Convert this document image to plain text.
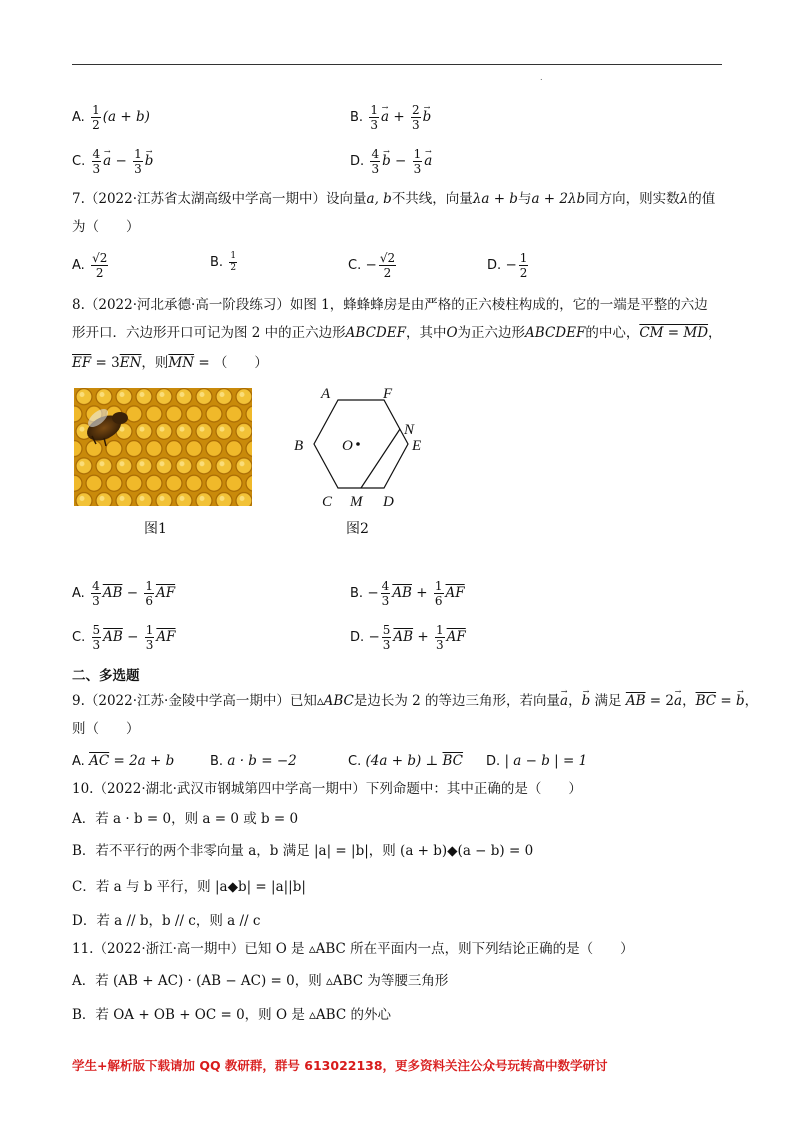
.
A. $\frac{1}{2} (a + b)$	B. $\frac{1}{3}$ a → + $\frac{2}{3}$ b →
C. $\frac{4}{3}$ a → − $\frac{1}{3}$ b →	D. $\frac{4}{3}$ b → − $\frac{1}{3}$ a →
7.（2022·江苏省太湖高级中学高一期中）设向量a, b不共线，向量λa + b与a + 2λb同方向，则实数λ的值
为（　　）
A. $\frac{√2}{2}$	B. $\frac{1}{2}$	C. − $\frac{√2}{2}$	D. − $\frac{1}{2}$
8.（2022·河北承德·高一阶段练习）如图 1，蜂蜂蜂房是由严格的正六棱柱构成的，它的一端是平整的六边
形开口．六边形开口可记为图 2 中的正六边形ABCDEF，其中O为正六边形ABCDEF的中心，CM = MD，
$\overline{EF} = 3\overline{EN}$，则$\overline{MN}$ = （　　）
图1
A	F
B	O
N
E
C M D
图2
A. $\frac{4}{3} \overline{AB} - \frac{1}{6} \overline{AF}$	B. − $\frac{4}{3} \overline{AB} + \frac{1}{6} \overline{AF}$
C. $\frac{5}{3} \overline{AB} - \frac{1}{3} \overline{AF}$	D. − $\frac{5}{3} \overline{AB} + \frac{1}{3} \overline{AF}$
二、多选题
9.（2022·江苏·金陵中学高一期中）已知▵ABC是边长为 2 的等边三角形，若向量a →，b → 满足 $\overline{AB} = 2a$ →，$\overline{BC} = b$ →，
则（　　）
A. $\overline{AC} = 2a + b$	B. a · b = −2	C. (4a + b) ⊥ $\overline{BC}$ D. | a − b | = 1
10.（2022·湖北·武汉市钢城第四中学高一期中）下列命题中：其中正确的是（　　）
A．若 a · b = 0，则 a = 0 或 b = 0
B．若不平行的两个非零向量 a，b 满足 |a| = |b|，则 (a + b)◆(a − b) = 0
C．若 a 与 b 平行，则 |a◆b| = |a||b|
D．若 a // b，b // c，则 a // c
11.（2022·浙江·高一期中）已知 O 是 ▵ABC 所在平面内一点，则下列结论正确的是（　　）
A．若 (AB + AC) · (AB − AC) = 0，则 ▵ABC 为等腰三角形
B．若 OA + OB + OC = 0，则 O 是 ▵ABC 的外心
学生+解析版下载请加 QQ 教研群，群号 613022138，更多资料关注公众号玩转高中数学研讨
